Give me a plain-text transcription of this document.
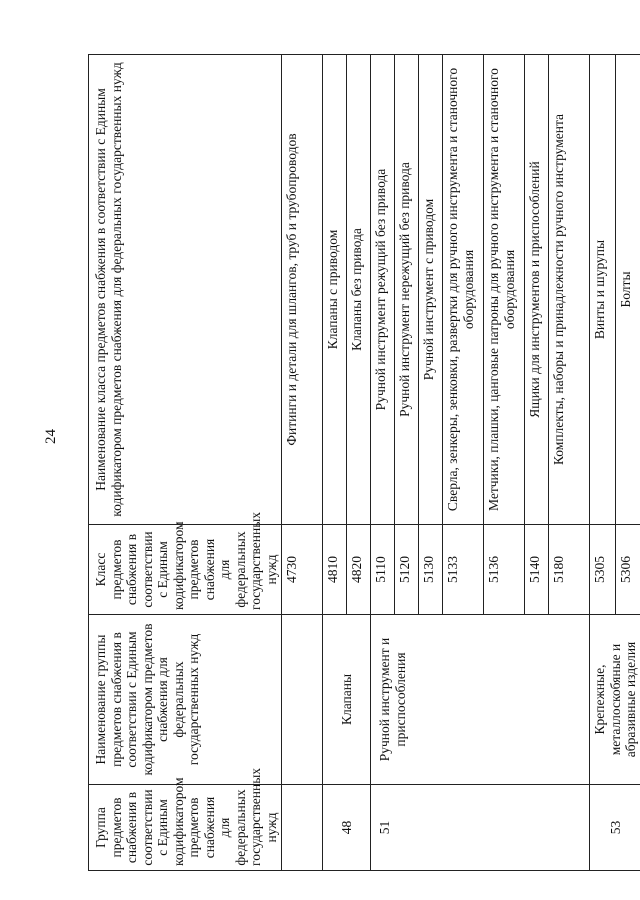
24
Группа предметов снабжения в соответствии с Единым кодификатором предметов снабжения для федеральных государственных нужд	Наименование группы предметов снабжения в соответствии с Единым кодификатором предметов снабжения для федеральных государственных нужд	Класс предметов снабжения в соответствии с Единым кодификатором предметов снабжения для федеральных государственных нужд	Наименование класса предметов снабжения в соответствии с Единым кодификатором предметов снабжения для федеральных государственных нужд
		4730	Фитинги и детали для шлангов, труб и трубопроводов
48	Клапаны	4810	Клапаны с приводом
		4820	Клапаны без привода
51	Ручной инструмент и приспособления	5110	Ручной инструмент режущий без привода
		5120	Ручной инструмент нережущий без привода
		5130	Ручной инструмент с приводом
		5133	Сверла, зенкеры, зенковки, развертки для ручного инструмента и станочного оборудования
		5136	Метчики, плашки, цанговые патроны для ручного инструмента и станочного оборудования
		5140	Ящики для инструментов и приспособлений
		5180	Комплекты, наборы и принадлежности ручного инструмента
53	Крепежные, металлоскобяные и абразивные изделия	5305	Винты и шурупы
		5306	Болты
